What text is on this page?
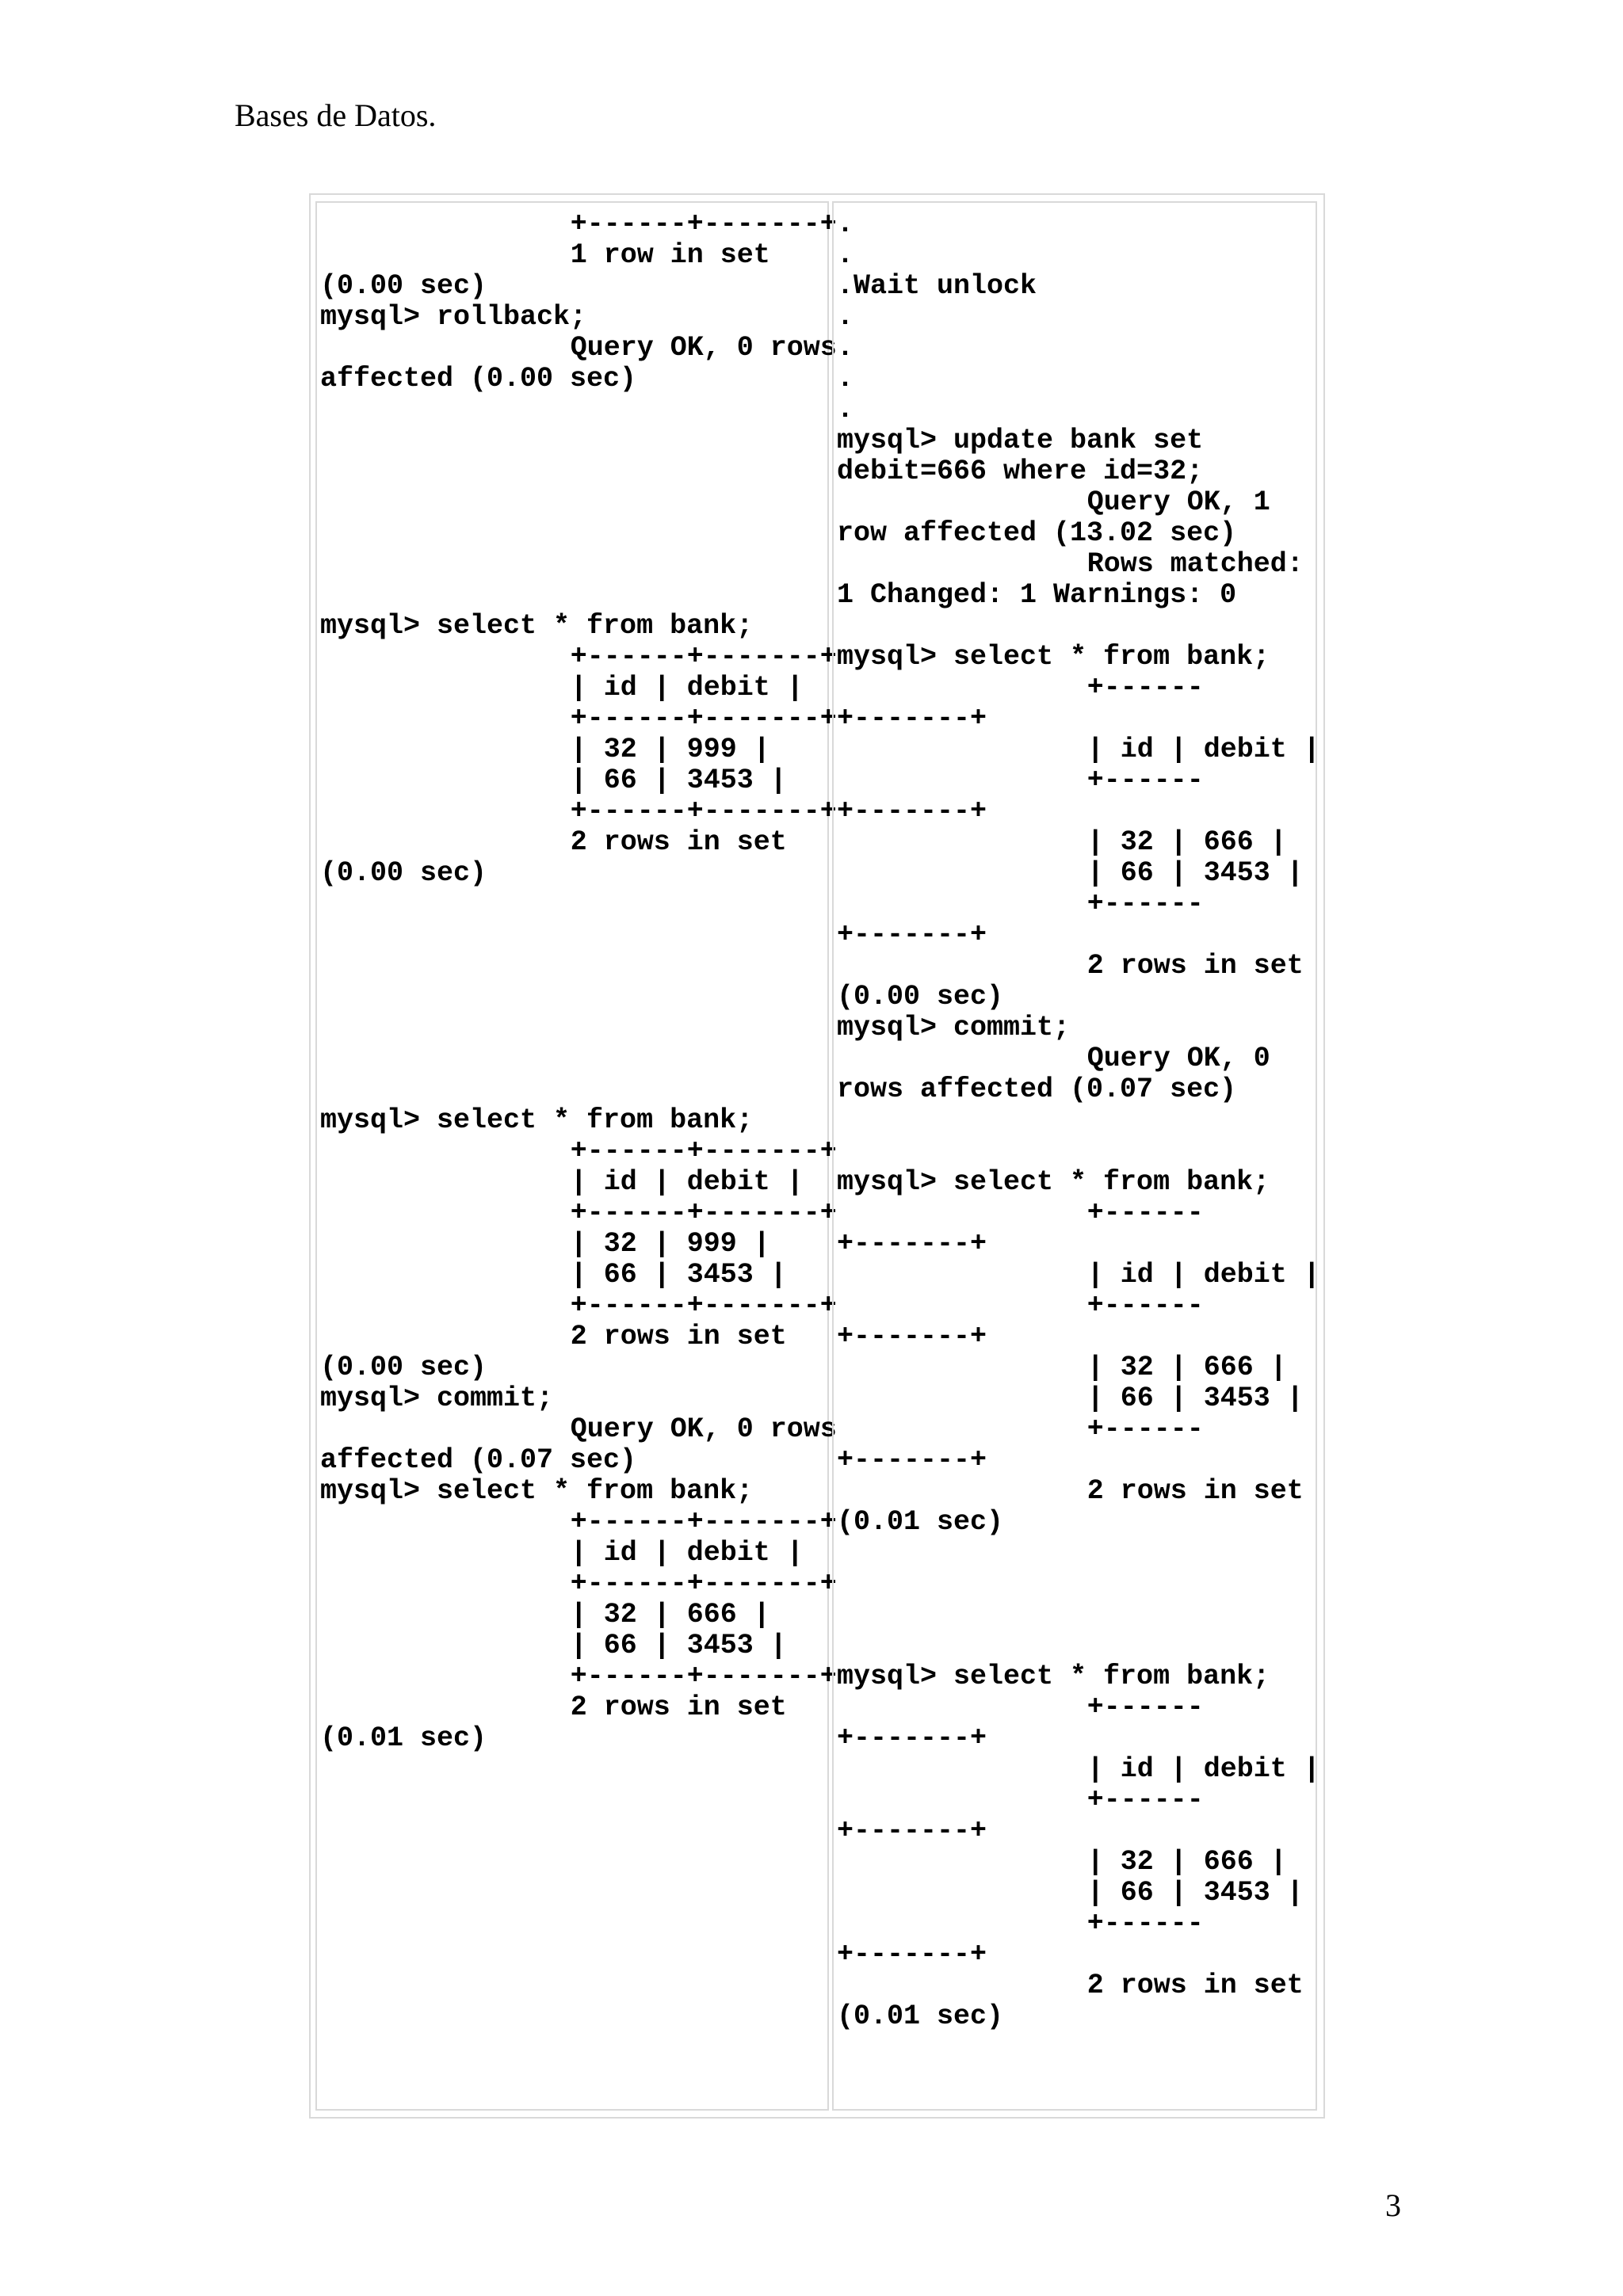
Bases de Datos.
+------+-------+
1 row in set
(0.00 sec)
mysql> rollback;
Query OK, 0 rows
affected (0.00 sec)
mysql> select * from bank;
+------+-------+
| id | debit |
+------+-------+
| 32 | 999 |
| 66 | 3453 |
+------+-------+
2 rows in set
(0.00 sec)
mysql> select * from bank;
+------+-------+
| id | debit |
+------+-------+
| 32 | 999 |
| 66 | 3453 |
+------+-------+
2 rows in set
(0.00 sec)
mysql> commit;
Query OK, 0 rows
affected (0.07 sec)
mysql> select * from bank;
+------+-------+
| id | debit |
+------+-------+
| 32 | 666 |
| 66 | 3453 |
+------+-------+
2 rows in set
(0.01 sec)
.
.
.Wait unlock
.
.
.
.
mysql> update bank set
debit=666 where id=32;
Query OK, 1
row affected (13.02 sec)
Rows matched:
1 Changed: 1 Warnings: 0
mysql> select * from bank;
+------
+-------+
| id | debit |
+------
+-------+
| 32 | 666 |
| 66 | 3453 |
+------
+-------+
2 rows in set
(0.00 sec)
mysql> commit;
Query OK, 0
rows affected (0.07 sec)
mysql> select * from bank;
+------
+-------+
| id | debit |
+------
+-------+
| 32 | 666 |
| 66 | 3453 |
+------
+-------+
2 rows in set
(0.01 sec)
mysql> select * from bank;
+------
+-------+
| id | debit |
+------
+-------+
| 32 | 666 |
| 66 | 3453 |
+------
+-------+
2 rows in set
(0.01 sec)
3
